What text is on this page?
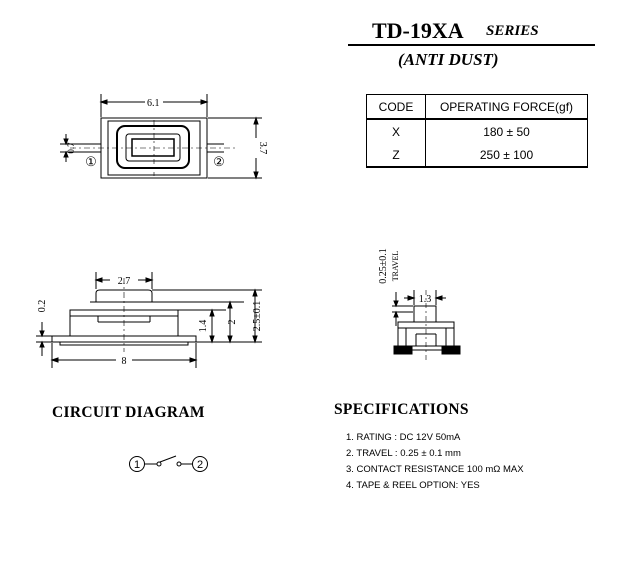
TD-19XA SERIES
(ANTI DUST)
CODE	OPERATING FORCE(gf)
X	180 ± 50
Z	250 ± 100
6.1
3.7
0.7
①	②
2.7
8
0.2
1.4 2 2.5±0.1
0.25±0.1 TRAVEL
1.3
1	2
CIRCUIT DIAGRAM	SPECIFICATIONS
1. RATING : DC 12V 50mA
2. TRAVEL : 0.25 ± 0.1 mm
3. CONTACT RESISTANCE 100 mΩ MAX
4. TAPE & REEL OPTION: YES
